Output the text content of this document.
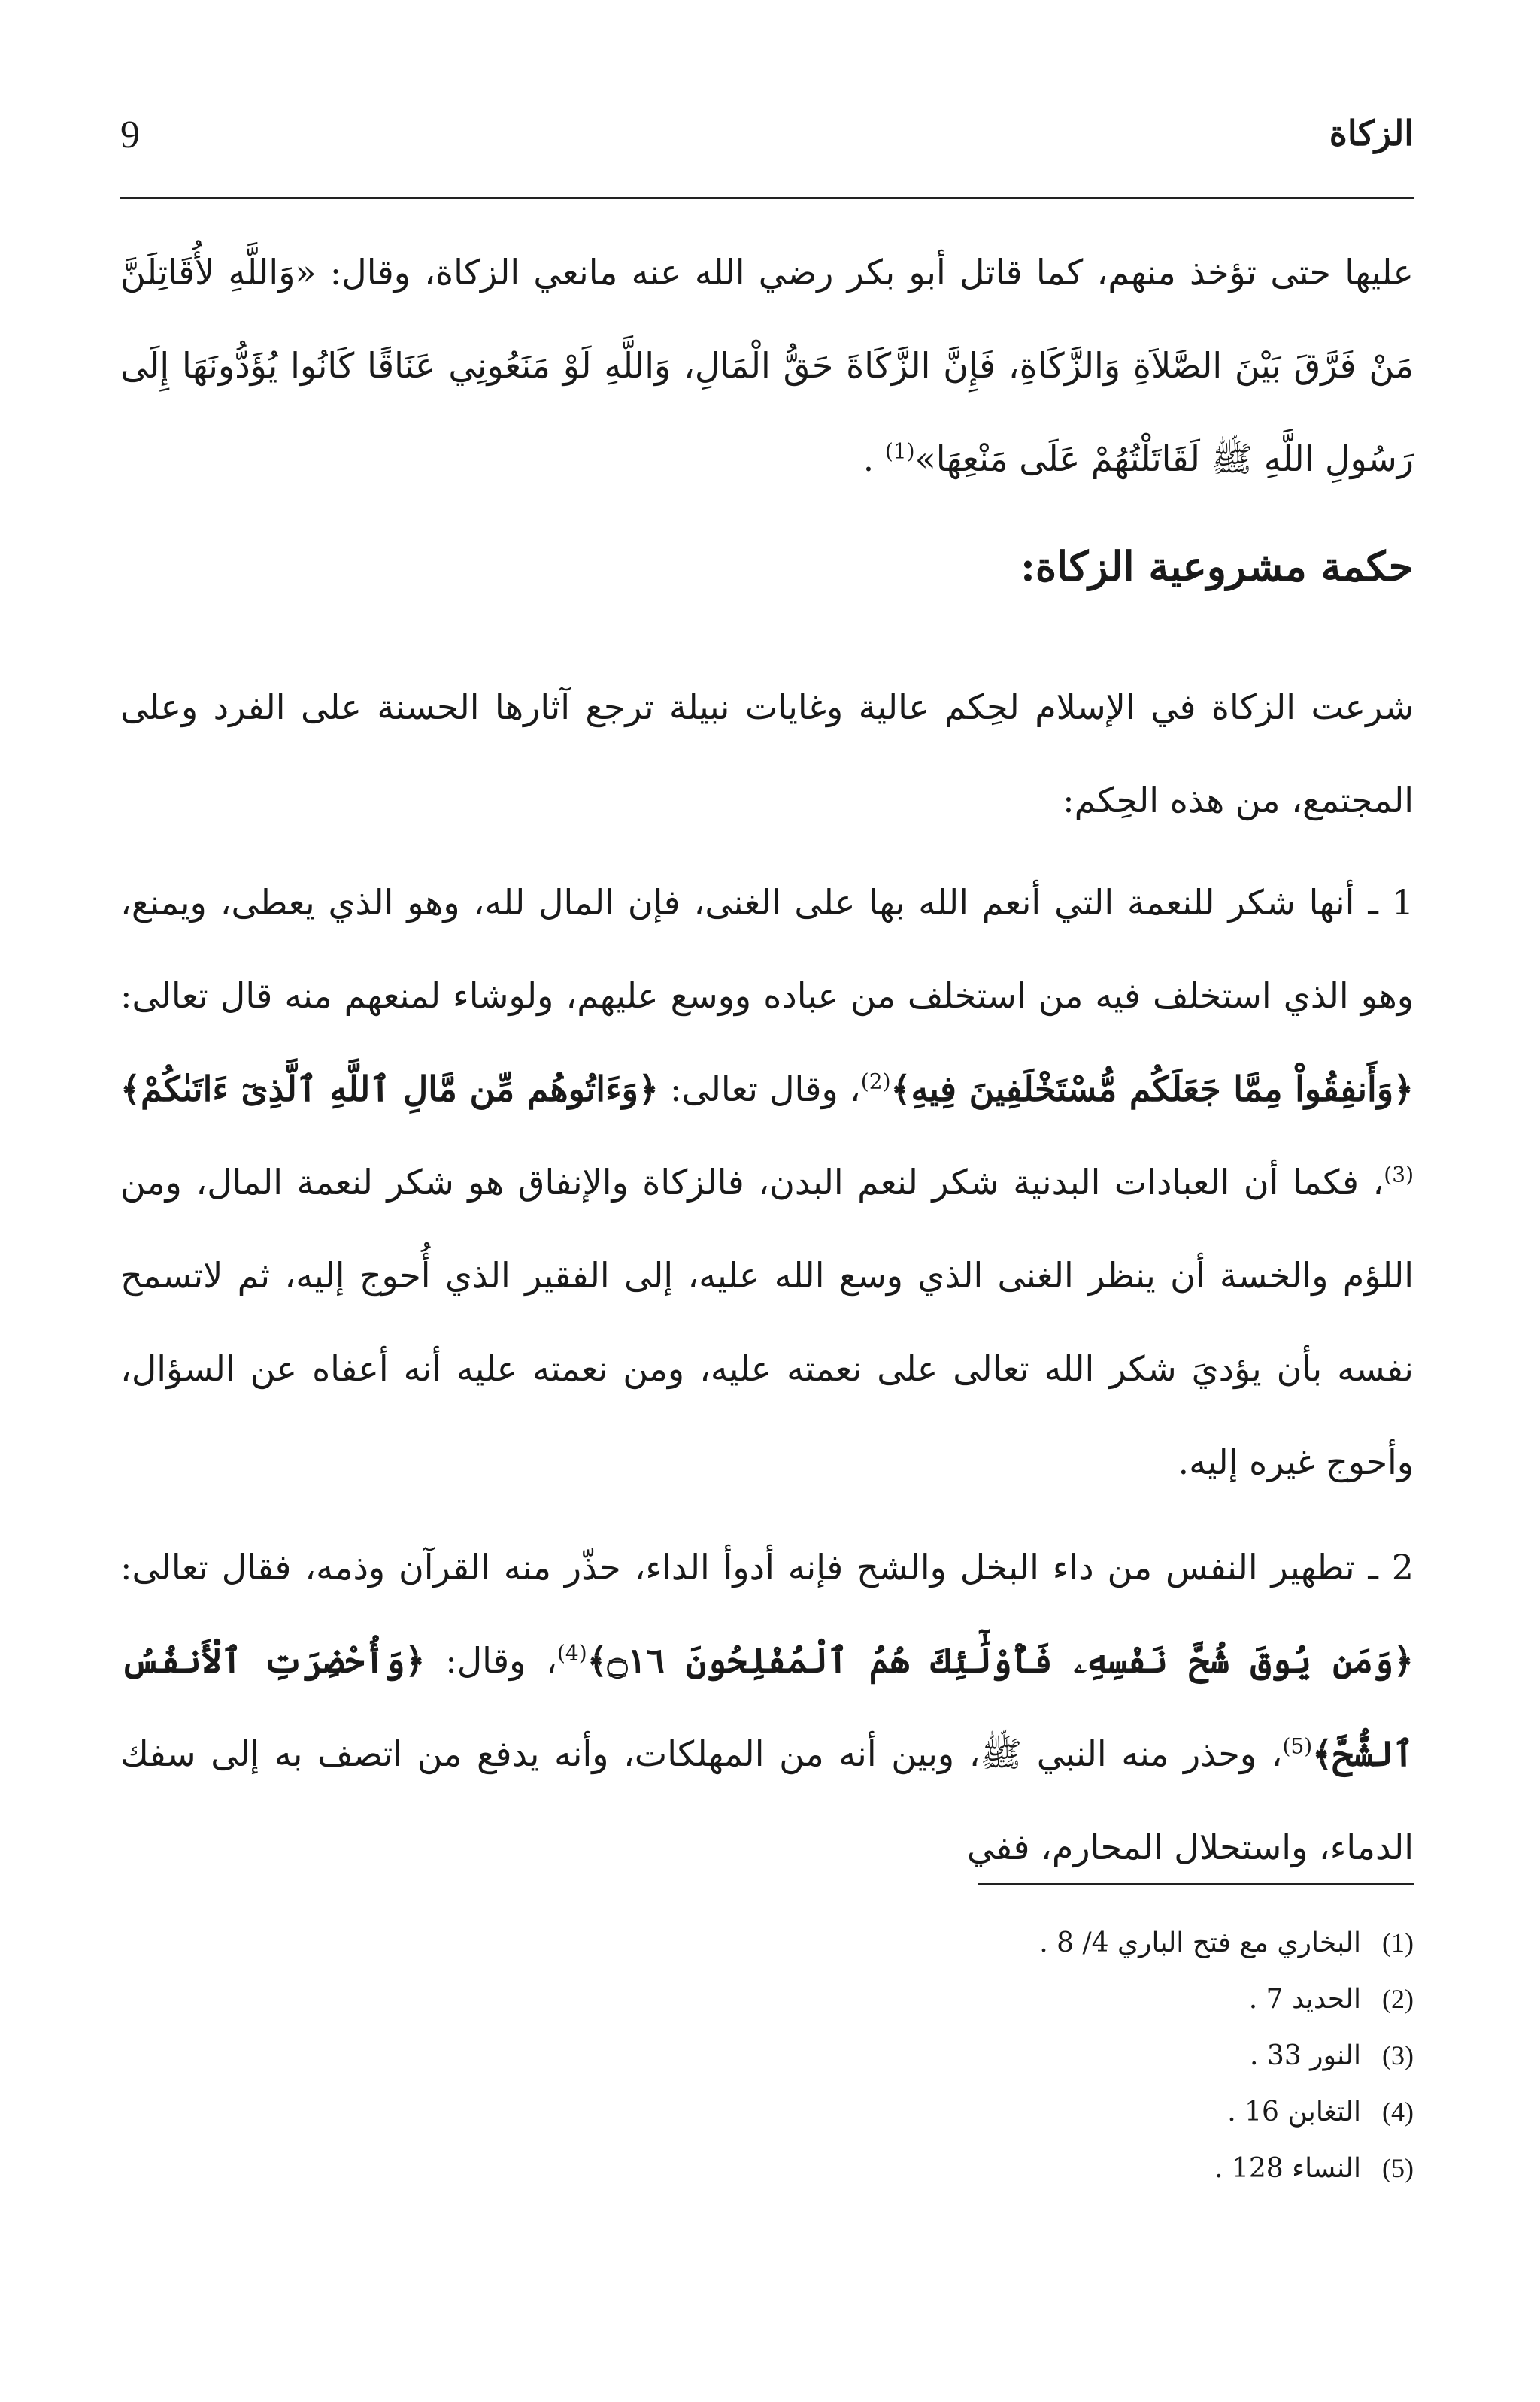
9	الزكاة

عليها حتى تؤخذ منهم، كما قاتل أبو بكر رضي الله عنه مانعي الزكاة، وقال: «وَاللَّهِ لأُقَاتِلَنَّ مَنْ فَرَّقَ بَيْنَ الصَّلاَةِ وَالزَّكَاةِ، فَإِنَّ الزَّكَاةَ حَقُّ الْمَالِ، وَاللَّهِ لَوْ مَنَعُونِي عَنَاقًا كَانُوا يُؤَدُّونَهَا إِلَى رَسُولِ اللَّهِ ﷺ لَقَاتَلْتُهُمْ عَلَى مَنْعِهَا»$^{(1)}$ .

حكمة مشروعية الزكاة:

شرعت الزكاة في الإسلام لحِكم عالية وغايات نبيلة ترجع آثارها الحسنة على الفرد وعلى المجتمع، من هذه الحِكم:

1 ـ أنها شكر للنعمة التي أنعم الله بها على الغنى، فإن المال لله، وهو الذي يعطى، ويمنع، وهو الذي استخلف فيه من استخلف من عباده ووسع عليهم، ولوشاء لمنعهم منه قال تعالى: ﴿وَأَنفِقُواْ مِمَّا جَعَلَكُم مُّسْتَخْلَفِينَ فِيهِ﴾$^{(2)}$، وقال تعالى: ﴿وَءَاتُوهُم مِّن مَّالِ ٱللَّهِ ٱلَّذِىٓ ءَاتَىٰكُمْ﴾$^{(3)}$، فكما أن العبادات البدنية شكر لنعم البدن، فالزكاة والإنفاق هو شكر لنعمة المال، ومن اللؤم والخسة أن ينظر الغنى الذي وسع الله عليه، إلى الفقير الذي أُحوج إليه، ثم لاتسمح نفسه بأن يؤديَ شكر الله تعالى على نعمته عليه، ومن نعمته عليه أنه أعفاه عن السؤال، وأحوج غيره إليه.

2 ـ تطهير النفس من داء البخل والشح فإنه أدوأ الداء، حذّر منه القرآن وذمه، فقال تعالى: ﴿وَمَن يُوقَ شُحَّ نَفْسِهِۦ فَأُوْلَٰٓئِكَ هُمُ ٱلْمُفْلِحُونَ ۝١٦﴾$^{(4)}$، وقال: ﴿وَأُحْضِرَتِ ٱلْأَنفُسُ ٱلشُّحَّ﴾$^{(5)}$، وحذر منه النبي ﷺ، وبين أنه من المهلكات، وأنه يدفع من اتصف به إلى سفك الدماء، واستحلال المحارم، ففي

(1)البخاري مع فتح الباري 4/ 8 .
(2)الحديد 7 .
(3)النور 33 .
(4)التغابن 16 .
(5)النساء 128 .
